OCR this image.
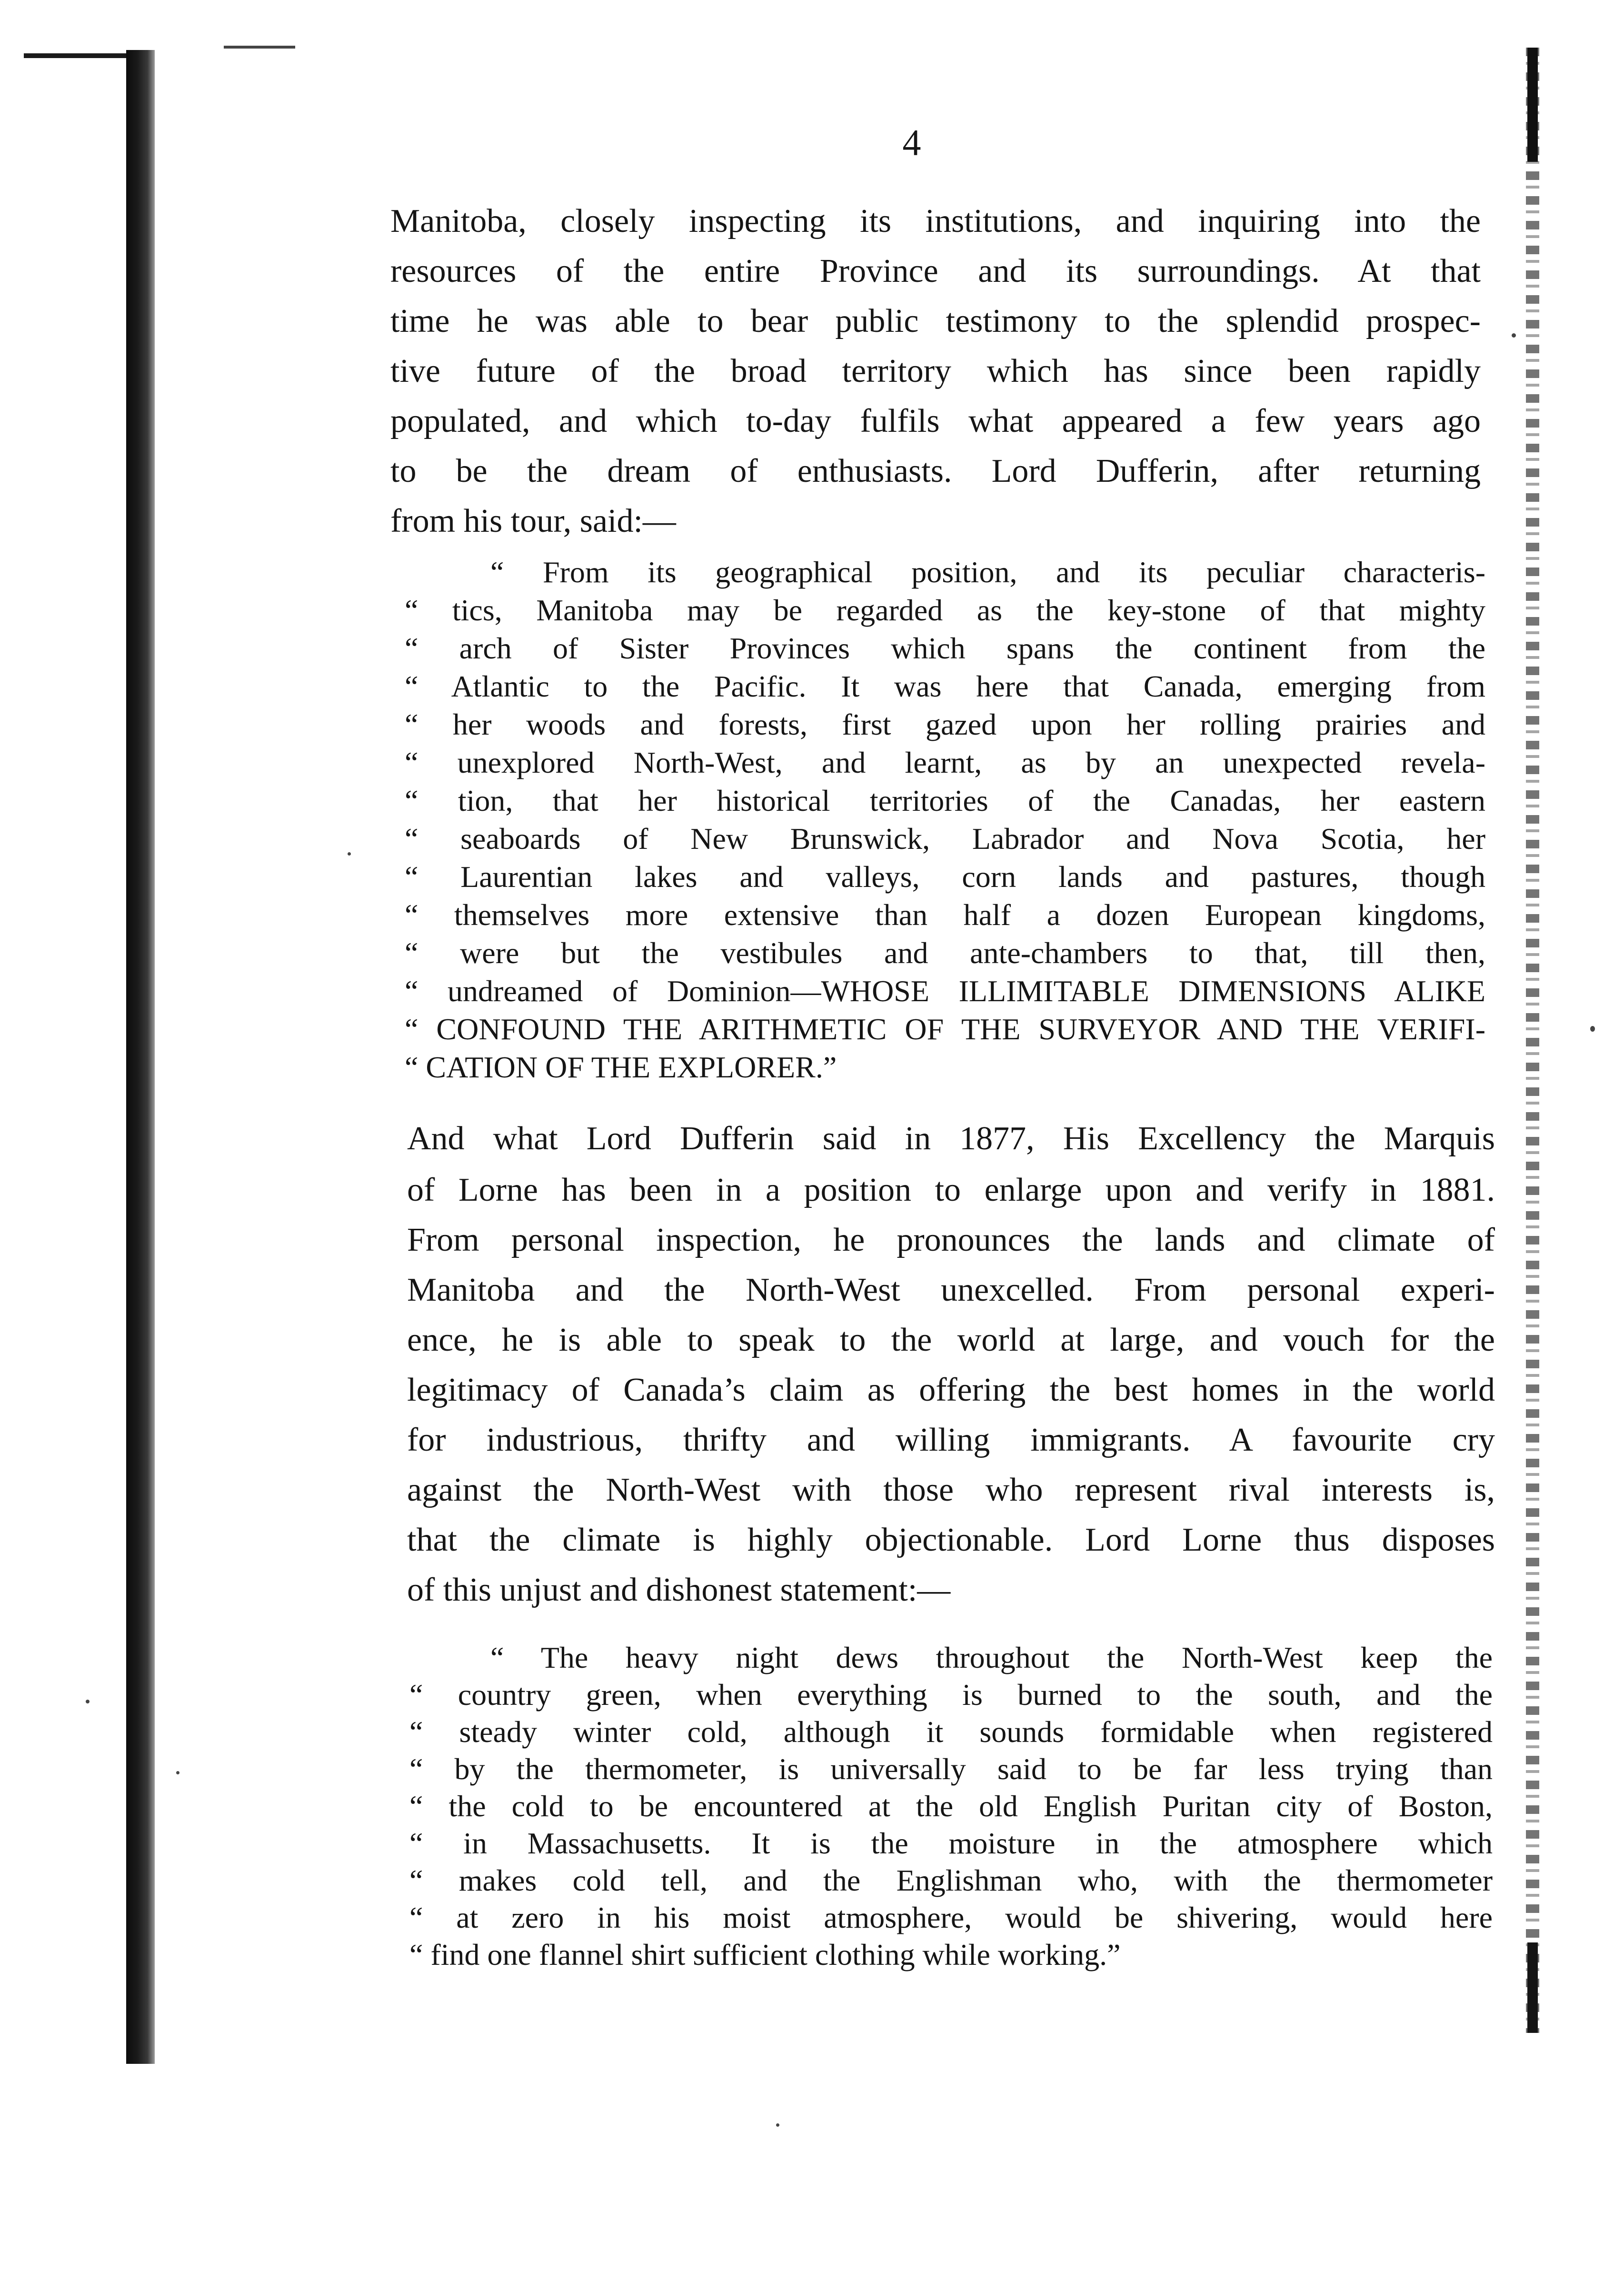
4

Manitoba, closely inspecting its institutions, and inquiring into the

resources of the entire Province and its surroundings. At that

time he was able to bear public testimony to the splendid prospec-

tive future of the broad territory which has since been rapidly

populated, and which to-day fulfils what appeared a few years ago

to be the dream of enthusiasts. Lord Dufferin, after returning

from his tour, said:—

“ From its geographical position, and its peculiar characteris-

“ tics, Manitoba may be regarded as the key-stone of that mighty

“ arch of Sister Provinces which spans the continent from the

“ Atlantic to the Pacific. It was here that Canada, emerging from

“ her woods and forests, first gazed upon her rolling prairies and

“ unexplored North-West, and learnt, as by an unexpected revela-

“ tion, that her historical territories of the Canadas, her eastern

“ seaboards of New Brunswick, Labrador and Nova Scotia, her

“ Laurentian lakes and valleys, corn lands and pastures, though

“ themselves more extensive than half a dozen European kingdoms,

“ were but the vestibules and ante-chambers to that, till then,

“ undreamed of Dominion—WHOSE ILLIMITABLE DIMENSIONS ALIKE

“ CONFOUND THE ARITHMETIC OF THE SURVEYOR AND THE VERIFI-

“ CATION OF THE EXPLORER.”

And what Lord Dufferin said in 1877, His Excellency the Marquis

of Lorne has been in a position to enlarge upon and verify in 1881.

From personal inspection, he pronounces the lands and climate of

Manitoba and the North-West unexcelled. From personal experi-

ence, he is able to speak to the world at large, and vouch for the

legitimacy of Canada’s claim as offering the best homes in the world

for industrious, thrifty and willing immigrants. A favourite cry

against the North-West with those who represent rival interests is,

that the climate is highly objectionable. Lord Lorne thus disposes

of this unjust and dishonest statement:—

“ The heavy night dews throughout the North-West keep the

“ country green, when everything is burned to the south, and the

“ steady winter cold, although it sounds formidable when registered

“ by the thermometer, is universally said to be far less trying than

“ the cold to be encountered at the old English Puritan city of Boston,

“ in Massachusetts. It is the moisture in the atmosphere which

“ makes cold tell, and the Englishman who, with the thermometer

“ at zero in his moist atmosphere, would be shivering, would here

“ find one flannel shirt sufficient clothing while working.”
